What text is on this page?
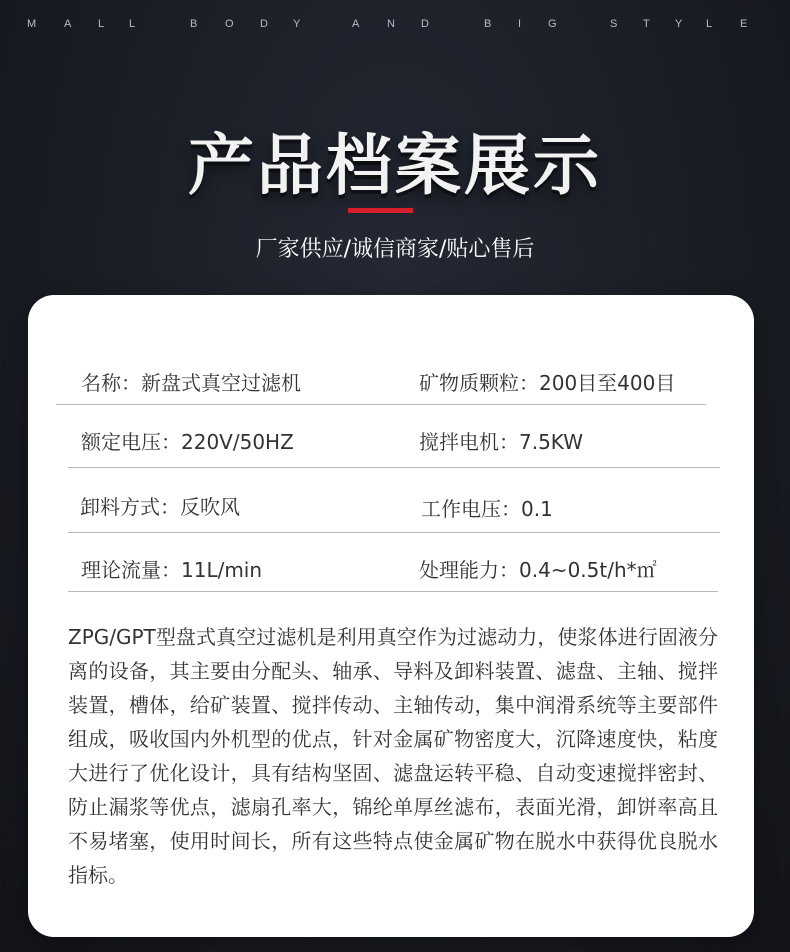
M	A L L	B	O D Y	A	N D	B I G	S T Y L	E
产品档案展示
厂家供应/诚信商家/贴心售后
名称：新盘式真空过滤机	矿物质颗粒：200目至400目
额定电压：220V/50HZ	搅拌电机：7.5KW
卸料方式：反吹风	工作电压：0.1
理论流量：11L/min	处理能力：0.4~0.5t/h*㎡
ZPG/GPT型盘式真空过滤机是利用真空作为过滤动力，使浆体进行固液分离的设备，其主要由分配头、轴承、导料及卸料装置、滤盘、主轴、搅拌装置，槽体，给矿装置、搅拌传动、主轴传动，集中润滑系统等主要部件组成，吸收国内外机型的优点，针对金属矿物密度大，沉降速度快，粘度大进行了优化设计，具有结构坚固、滤盘运转平稳、自动变速搅拌密封、防止漏浆等优点，滤扇孔率大，锦纶单厚丝滤布，表面光滑，卸饼率高且不易堵塞，使用时间长，所有这些特点使金属矿物在脱水中获得优良脱水指标。
